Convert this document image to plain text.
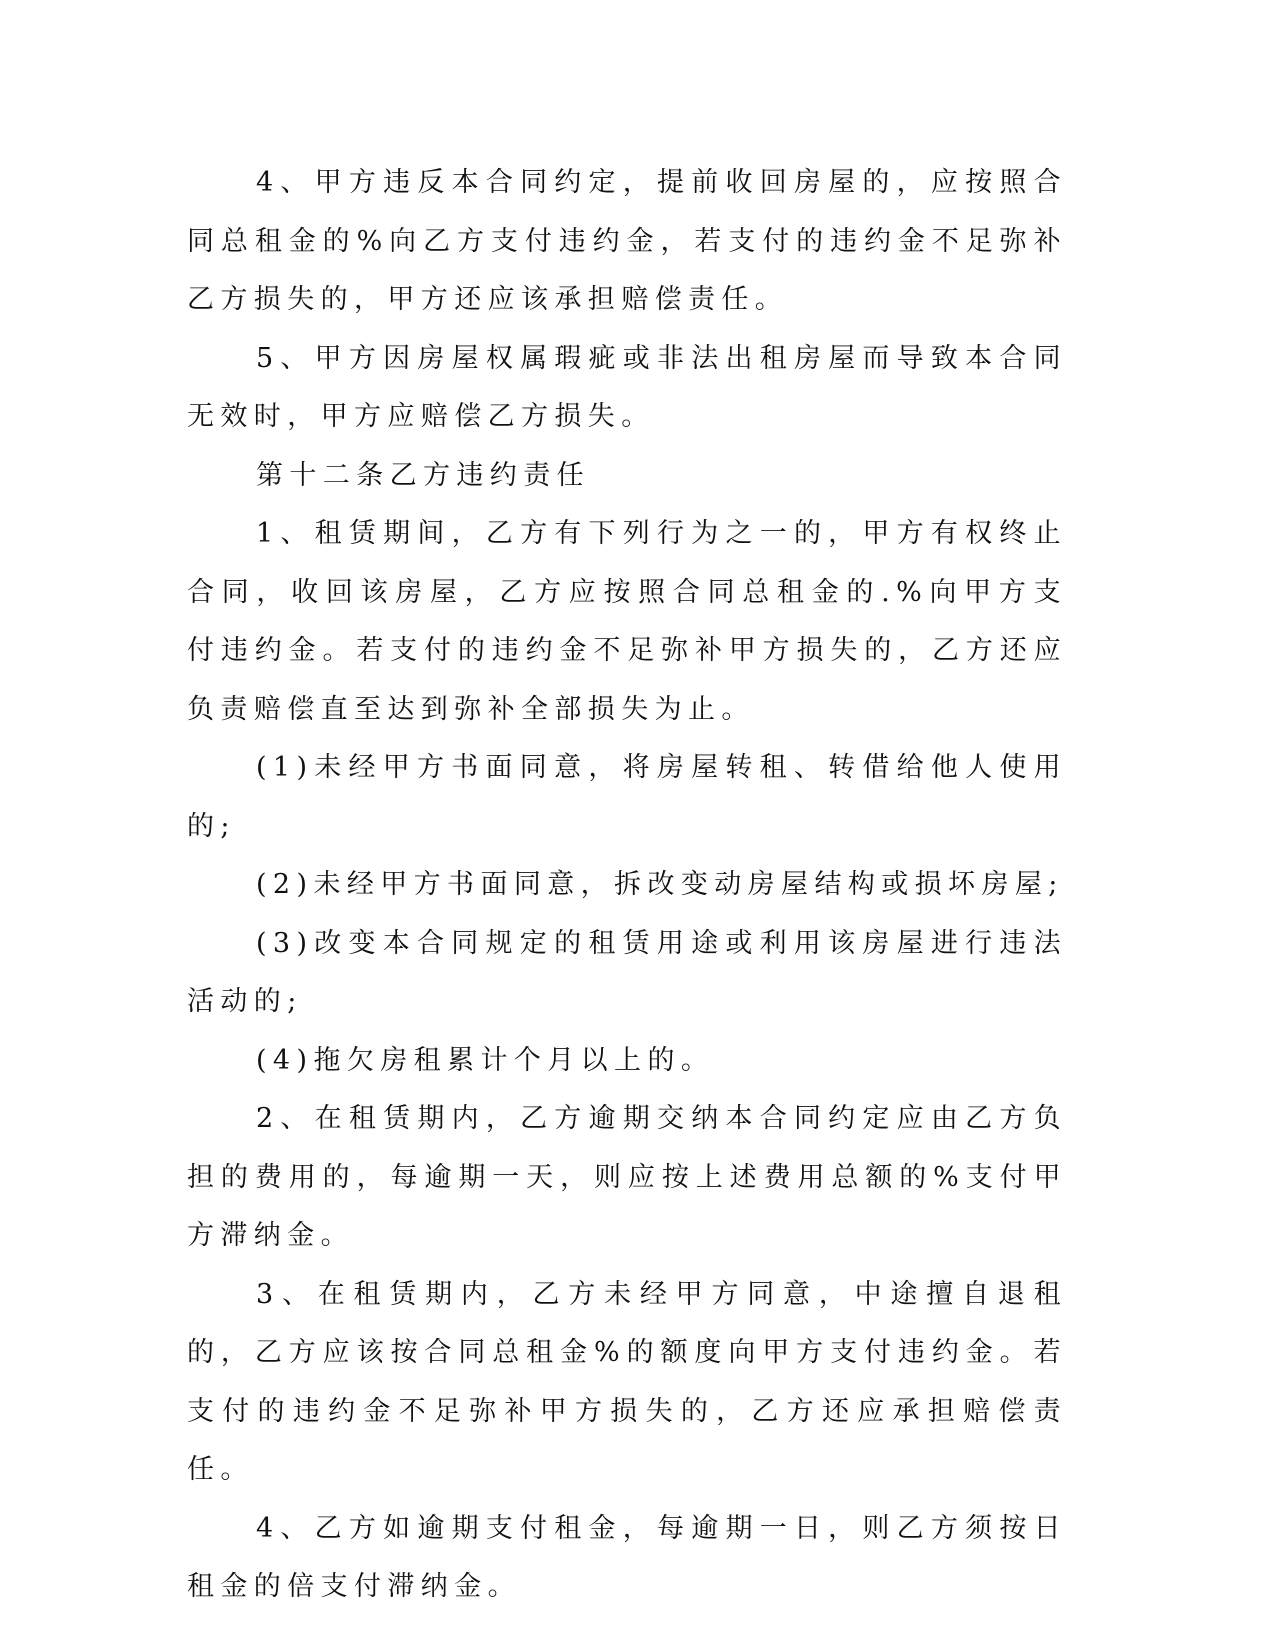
4、甲方违反本合同约定，提前收回房屋的，应按照合同总租金的%向乙方支付违约金，若支付的违约金不足弥补乙方损失的，甲方还应该承担赔偿责任。

5、甲方因房屋权属瑕疵或非法出租房屋而导致本合同无效时，甲方应赔偿乙方损失。

第十二条乙方违约责任

1、租赁期间，乙方有下列行为之一的，甲方有权终止合同，收回该房屋，乙方应按照合同总租金的.%向甲方支付违约金。若支付的违约金不足弥补甲方损失的，乙方还应负责赔偿直至达到弥补全部损失为止。

(1)未经甲方书面同意，将房屋转租、转借给他人使用的;

(2)未经甲方书面同意，拆改变动房屋结构或损坏房屋;

(3)改变本合同规定的租赁用途或利用该房屋进行违法活动的;

(4)拖欠房租累计个月以上的。

2、在租赁期内，乙方逾期交纳本合同约定应由乙方负担的费用的，每逾期一天，则应按上述费用总额的%支付甲方滞纳金。

3、在租赁期内，乙方未经甲方同意，中途擅自退租的，乙方应该按合同总租金%的额度向甲方支付违约金。若支付的违约金不足弥补甲方损失的，乙方还应承担赔偿责任。

4、乙方如逾期支付租金，每逾期一日，则乙方须按日租金的倍支付滞纳金。
